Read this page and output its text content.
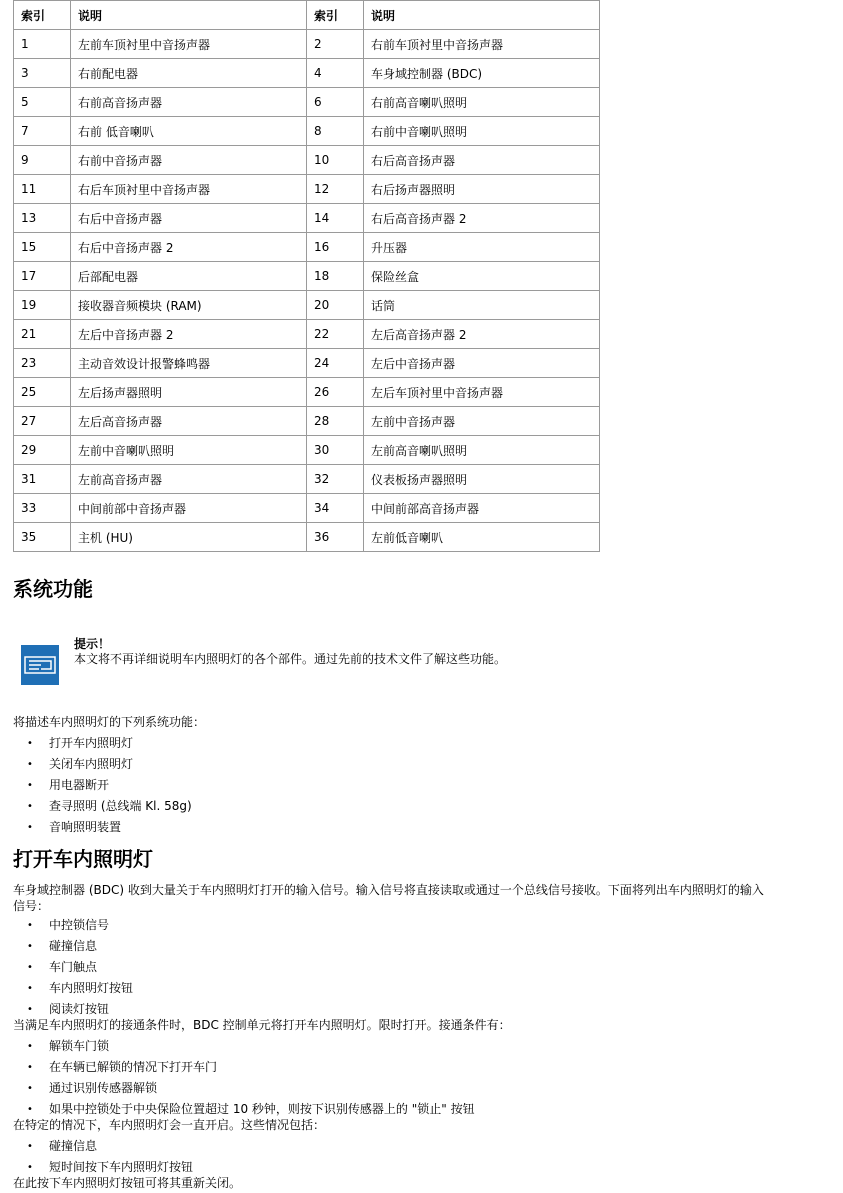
索引	说明	索引	说明
1	左前车顶衬里中音扬声器	2	右前车顶衬里中音扬声器
3	右前配电器	4	车身域控制器 (BDC)
5	右前高音扬声器	6	右前高音喇叭照明
7	右前 低音喇叭	8	右前中音喇叭照明
9	右前中音扬声器	10	右后高音扬声器
11	右后车顶衬里中音扬声器	12	右后扬声器照明
13	右后中音扬声器	14	右后高音扬声器 2
15	右后中音扬声器 2	16	升压器
17	后部配电器	18	保险丝盒
19	接收器音频模块 (RAM)	20	话筒
21	左后中音扬声器 2	22	左后高音扬声器 2
23	主动音效设计报警蜂鸣器	24	左后中音扬声器
25	左后扬声器照明	26	左后车顶衬里中音扬声器
27	左后高音扬声器	28	左前中音扬声器
29	左前中音喇叭照明	30	左前高音喇叭照明
31	左前高音扬声器	32	仪表板扬声器照明
33	中间前部中音扬声器	34	中间前部高音扬声器
35	主机 (HU)	36	左前低音喇叭
系统功能
提示！
本文将不再详细说明车内照明灯的各个部件。通过先前的技术文件了解这些功能。

将描述车内照明灯的下列系统功能：

• 打开车内照明灯
• 关闭车内照明灯
• 用电器断开
• 查寻照明 (总线端 Kl. 58g)
• 音响照明装置
打开车内照明灯

车身域控制器 (BDC) 收到大量关于车内照明灯打开的输入信号。输入信号将直接读取或通过一个总线信号接收。下面将列出车内照明灯的输入信号：

• 中控锁信号
• 碰撞信息
• 车门触点
• 车内照明灯按钮
• 阅读灯按钮

当满足车内照明灯的接通条件时，BDC 控制单元将打开车内照明灯。限时打开。接通条件有：

• 解锁车门锁
• 在车辆已解锁的情况下打开车门
• 通过识别传感器解锁
• 如果中控锁处于中央保险位置超过 10 秒钟，则按下识别传感器上的 "锁止" 按钮

在特定的情况下，车内照明灯会一直开启。这些情况包括：

• 碰撞信息
• 短时间按下车内照明灯按钮

在此按下车内照明灯按钮可将其重新关闭。
